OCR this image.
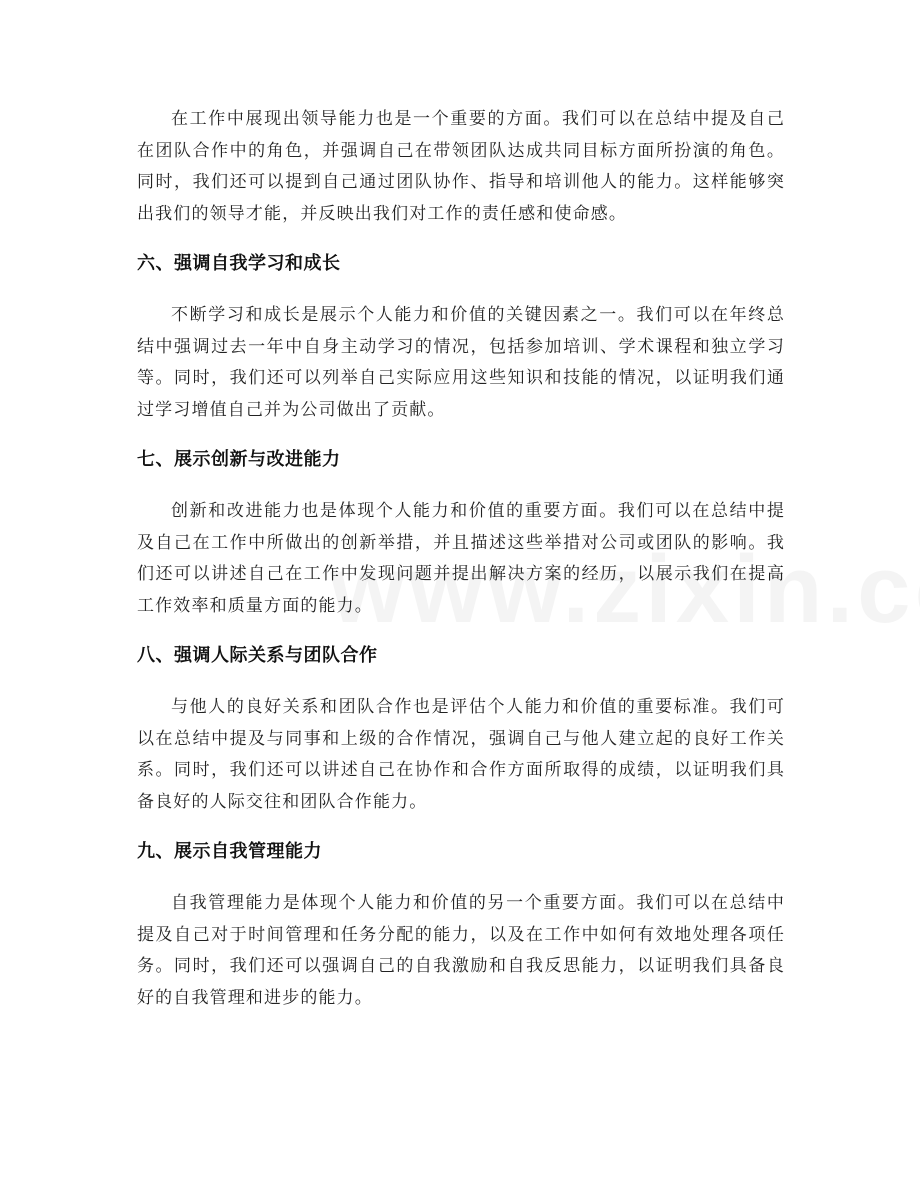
在工作中展现出领导能力也是一个重要的方面。我们可以在总结中提及自己在团队合作中的角色，并强调自己在带领团队达成共同目标方面所扮演的角色。同时，我们还可以提到自己通过团队协作、指导和培训他人的能力。这样能够突出我们的领导才能，并反映出我们对工作的责任感和使命感。

六、强调自我学习和成长

不断学习和成长是展示个人能力和价值的关键因素之一。我们可以在年终总结中强调过去一年中自身主动学习的情况，包括参加培训、学术课程和独立学习等。同时，我们还可以列举自己实际应用这些知识和技能的情况，以证明我们通过学习增值自己并为公司做出了贡献。

七、展示创新与改进能力

创新和改进能力也是体现个人能力和价值的重要方面。我们可以在总结中提及自己在工作中所做出的创新举措，并且描述这些举措对公司或团队的影响。我们还可以讲述自己在工作中发现问题并提出解决方案的经历，以展示我们在提高工作效率和质量方面的能力。

八、强调人际关系与团队合作

与他人的良好关系和团队合作也是评估个人能力和价值的重要标准。我们可以在总结中提及与同事和上级的合作情况，强调自己与他人建立起的良好工作关系。同时，我们还可以讲述自己在协作和合作方面所取得的成绩，以证明我们具备良好的人际交往和团队合作能力。

九、展示自我管理能力

自我管理能力是体现个人能力和价值的另一个重要方面。我们可以在总结中提及自己对于时间管理和任务分配的能力，以及在工作中如何有效地处理各项任务。同时，我们还可以强调自己的自我激励和自我反思能力，以证明我们具备良好的自我管理和进步的能力。
